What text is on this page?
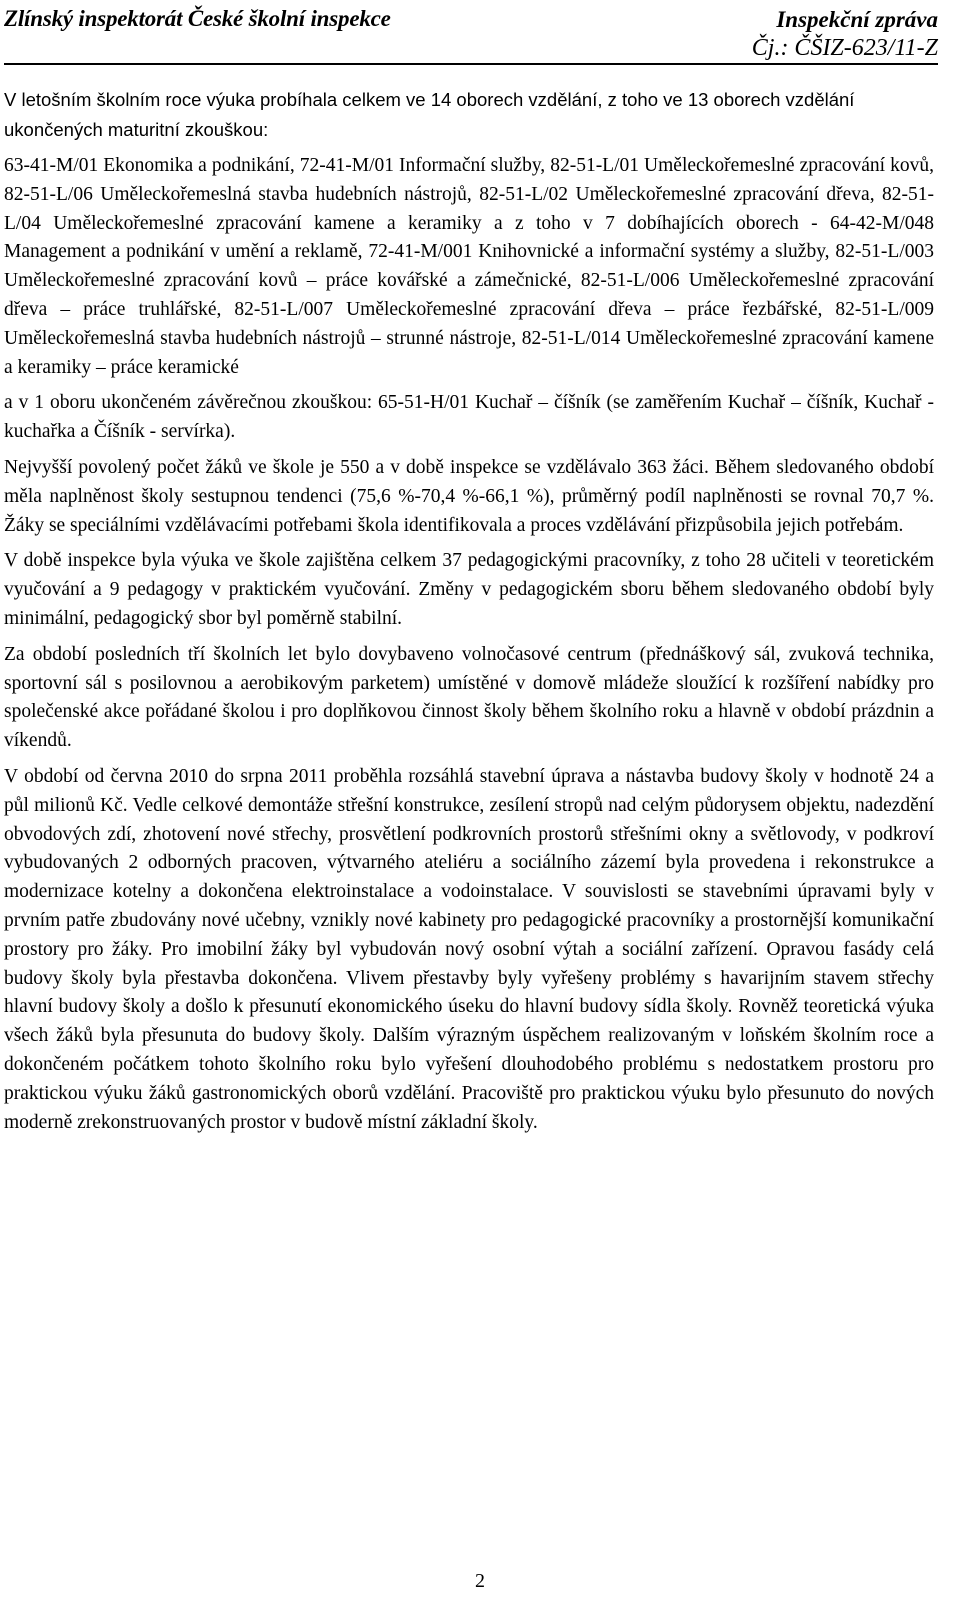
Zlínský inspektorát České školní inspekce	Inspekční zpráva
Čj.: ČŠIZ-623/11-Z

V letošním školním roce výuka probíhala celkem ve 14 oborech vzdělání, z toho ve 13 oborech vzdělání ukončených maturitní zkouškou:

63-41-M/01 Ekonomika a podnikání, 72-41-M/01 Informační služby, 82-51-L/01 Uměleckořemeslné zpracování kovů, 82-51-L/06 Uměleckořemeslná stavba hudebních nástrojů, 82-51-L/02 Uměleckořemeslné zpracování dřeva, 82-51-L/04 Uměleckořemeslné zpracování kamene a keramiky a z toho v 7 dobíhajících oborech - 64-42-M/048 Management a podnikání v umění a reklamě, 72-41-M/001 Knihovnické a informační systémy a služby, 82-51-L/003 Uměleckořemeslné zpracování kovů – práce kovářské a zámečnické, 82-51-L/006 Uměleckořemeslné zpracování dřeva – práce truhlářské, 82-51-L/007 Uměleckořemeslné zpracování dřeva – práce řezbářské, 82-51-L/009 Uměleckořemeslná stavba hudebních nástrojů – strunné nástroje, 82-51-L/014 Uměleckořemeslné zpracování kamene a keramiky – práce keramické

a v 1 oboru ukončeném závěrečnou zkouškou: 65-51-H/01 Kuchař – číšník (se zaměřením Kuchař – číšník, Kuchař - kuchařka a Číšník - servírka).

Nejvyšší povolený počet žáků ve škole je 550 a v době inspekce se vzdělávalo 363 žáci. Během sledovaného období měla naplněnost školy sestupnou tendenci (75,6 %-70,4 %-66,1 %), průměrný podíl naplněnosti se rovnal 70,7 %. Žáky se speciálními vzdělávacími potřebami škola identifikovala a proces vzdělávání přizpůsobila jejich potřebám.

V době inspekce byla výuka ve škole zajištěna celkem 37 pedagogickými pracovníky, z toho 28 učiteli v teoretickém vyučování a 9 pedagogy v praktickém vyučování. Změny v pedagogickém sboru během sledovaného období byly minimální, pedagogický sbor byl poměrně stabilní.

Za období posledních tří školních let bylo dovybaveno volnočasové centrum (přednáškový sál, zvuková technika, sportovní sál s posilovnou a aerobikovým parketem) umístěné v domově mládeže sloužící k rozšíření nabídky pro společenské akce pořádané školou i pro doplňkovou činnost školy během školního roku a hlavně v období prázdnin a víkendů.

V období od června 2010 do srpna 2011 proběhla rozsáhlá stavební úprava a nástavba budovy školy v hodnotě 24 a půl milionů Kč. Vedle celkové demontáže střešní konstrukce, zesílení stropů nad celým půdorysem objektu, nadezdění obvodových zdí, zhotovení nové střechy, prosvětlení podkrovních prostorů střešními okny a světlovody, v podkroví vybudovaných 2 odborných pracoven, výtvarného ateliéru a sociálního zázemí byla provedena i rekonstrukce a modernizace kotelny a dokončena elektroinstalace a vodoinstalace. V souvislosti se stavebními úpravami byly v prvním patře zbudovány nové učebny, vznikly nové kabinety pro pedagogické pracovníky a prostornější komunikační prostory pro žáky. Pro imobilní žáky byl vybudován nový osobní výtah a sociální zařízení. Opravou fasády celá budovy školy byla přestavba dokončena. Vlivem přestavby byly vyřešeny problémy s havarijním stavem střechy hlavní budovy školy a došlo k přesunutí ekonomického úseku do hlavní budovy sídla školy. Rovněž teoretická výuka všech žáků byla přesunuta do budovy školy. Dalším výrazným úspěchem realizovaným v loňském školním roce a dokončeném počátkem tohoto školního roku bylo vyřešení dlouhodobého problému s nedostatkem prostoru pro praktickou výuku žáků gastronomických oborů vzdělání. Pracoviště pro praktickou výuku bylo přesunuto do nových moderně zrekonstruovaných prostor v budově místní základní školy.

2
